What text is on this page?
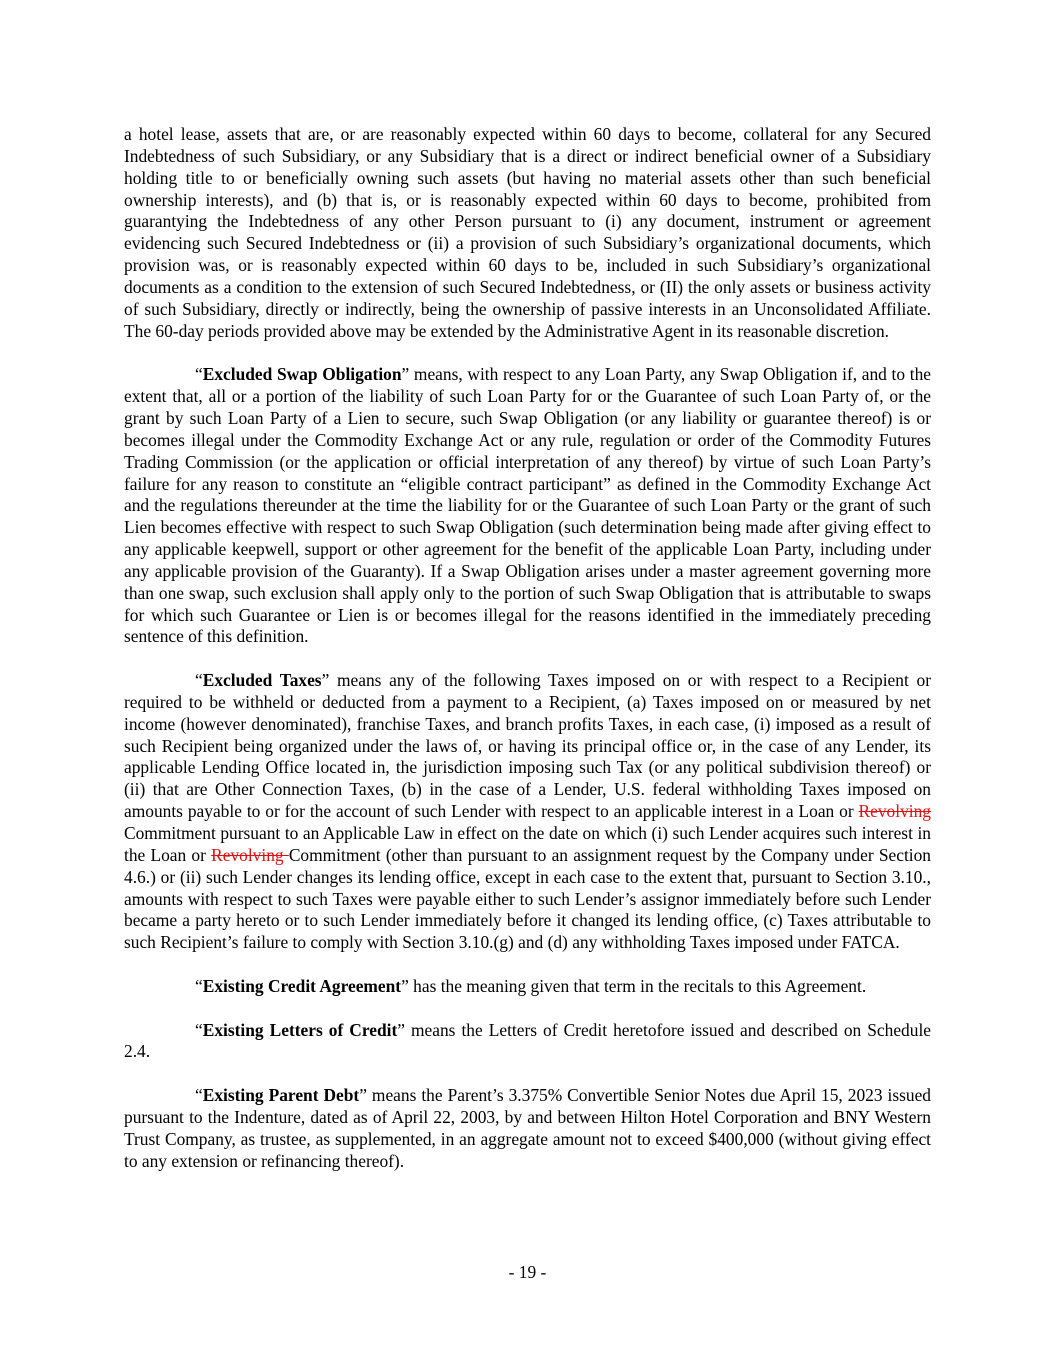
a hotel lease, assets that are, or are reasonably expected within 60 days to become, collateral for any Secured Indebtedness of such Subsidiary, or any Subsidiary that is a direct or indirect beneficial owner of a Subsidiary holding title to or beneficially owning such assets (but having no material assets other than such beneficial ownership interests), and (b) that is, or is reasonably expected within 60 days to become, prohibited from guarantying the Indebtedness of any other Person pursuant to (i) any document, instrument or agreement evidencing such Secured Indebtedness or (ii) a provision of such Subsidiary’s organizational documents, which provision was, or is reasonably expected within 60 days to be, included in such Subsidiary’s organizational documents as a condition to the extension of such Secured Indebtedness, or (II) the only assets or business activity of such Subsidiary, directly or indirectly, being the ownership of passive interests in an Unconsolidated Affiliate. The 60-day periods provided above may be extended by the Administrative Agent in its reasonable discretion.

“Excluded Swap Obligation” means, with respect to any Loan Party, any Swap Obligation if, and to the extent that, all or a portion of the liability of such Loan Party for or the Guarantee of such Loan Party of, or the grant by such Loan Party of a Lien to secure, such Swap Obligation (or any liability or guarantee thereof) is or becomes illegal under the Commodity Exchange Act or any rule, regulation or order of the Commodity Futures Trading Commission (or the application or official interpretation of any thereof) by virtue of such Loan Party’s failure for any reason to constitute an “eligible contract participant” as defined in the Commodity Exchange Act and the regulations thereunder at the time the liability for or the Guarantee of such Loan Party or the grant of such Lien becomes effective with respect to such Swap Obligation (such determination being made after giving effect to any applicable keepwell, support or other agreement for the benefit of the applicable Loan Party, including under any applicable provision of the Guaranty). If a Swap Obligation arises under a master agreement governing more than one swap, such exclusion shall apply only to the portion of such Swap Obligation that is attributable to swaps for which such Guarantee or Lien is or becomes illegal for the reasons identified in the immediately preceding sentence of this definition.

“Excluded Taxes” means any of the following Taxes imposed on or with respect to a Recipient or required to be withheld or deducted from a payment to a Recipient, (a) Taxes imposed on or measured by net income (however denominated), franchise Taxes, and branch profits Taxes, in each case, (i) imposed as a result of such Recipient being organized under the laws of, or having its principal office or, in the case of any Lender, its applicable Lending Office located in, the jurisdiction imposing such Tax (or any political subdivision thereof) or (ii) that are Other Connection Taxes, (b) in the case of a Lender, U.S. federal withholding Taxes imposed on amounts payable to or for the account of such Lender with respect to an applicable interest in a Loan or Revolving Commitment pursuant to an Applicable Law in effect on the date on which (i) such Lender acquires such interest in the Loan or Revolving Commitment (other than pursuant to an assignment request by the Company under Section 4.6.) or (ii) such Lender changes its lending office, except in each case to the extent that, pursuant to Section 3.10., amounts with respect to such Taxes were payable either to such Lender’s assignor immediately before such Lender became a party hereto or to such Lender immediately before it changed its lending office, (c) Taxes attributable to such Recipient’s failure to comply with Section 3.10.(g) and (d) any withholding Taxes imposed under FATCA.

“Existing Credit Agreement” has the meaning given that term in the recitals to this Agreement.

“Existing Letters of Credit” means the Letters of Credit heretofore issued and described on Schedule 2.4.

“Existing Parent Debt” means the Parent’s 3.375% Convertible Senior Notes due April 15, 2023 issued pursuant to the Indenture, dated as of April 22, 2003, by and between Hilton Hotel Corporation and BNY Western Trust Company, as trustee, as supplemented, in an aggregate amount not to exceed $400,000 (without giving effect to any extension or refinancing thereof).

- 19 -
